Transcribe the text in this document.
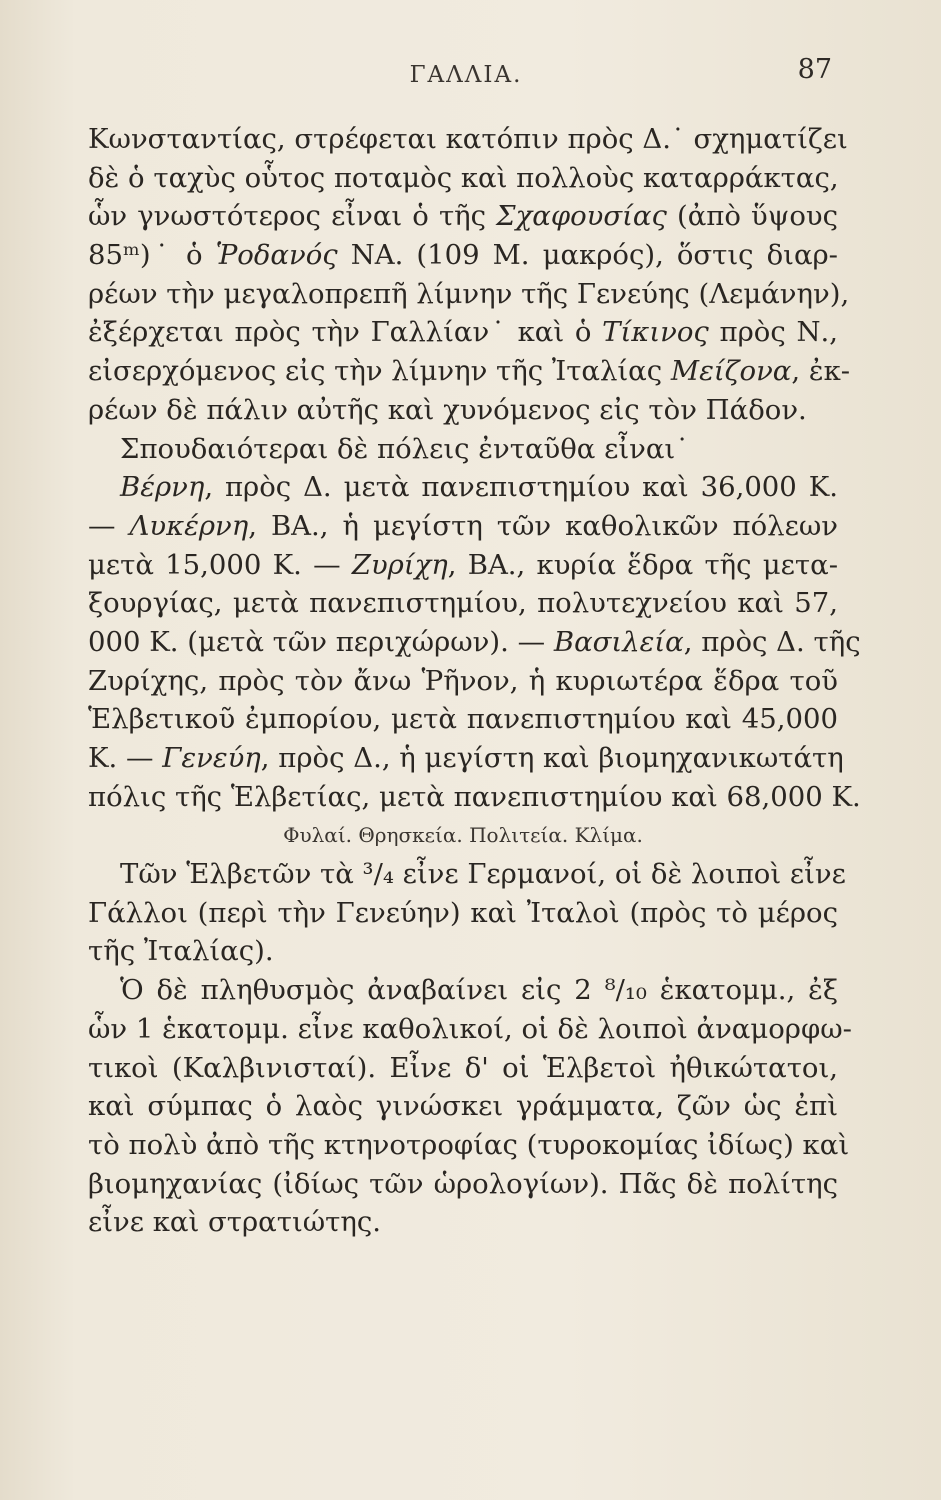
ΓΑΛΛΙΑ.	87
Κωνσταντίας, στρέφεται κατόπιν πρὸς Δ.˙ σχηματίζει
δὲ ὁ ταχὺς οὗτος ποταμὸς καὶ πολλοὺς καταρράκτας,
ὧν γνωστότερος εἶναι ὁ τῆς Σχαφουσίας (ἀπὸ ὕψους
85ᵐ)˙ ὁ Ῥοδανός ΝΑ. (109 Μ. μακρός), ὅστις διαρ-
ρέων τὴν μεγαλοπρεπῆ λίμνην τῆς Γενεύης (Λεμάνην),
ἐξέρχεται πρὸς τὴν Γαλλίαν˙ καὶ ὁ Τίκινος πρὸς Ν.,
εἰσερχόμενος εἰς τὴν λίμνην τῆς Ἰταλίας Μείζονα, ἐκ-
ρέων δὲ πάλιν αὐτῆς καὶ χυνόμενος εἰς τὸν Πάδον.
Σπουδαιότεραι δὲ πόλεις ἐνταῦθα εἶναι˙
Βέρνη, πρὸς Δ. μετὰ πανεπιστημίου καὶ 36,000 Κ.
— Λυκέρνη, ΒΑ., ἡ μεγίστη τῶν καθολικῶν πόλεων
μετὰ 15,000 Κ. — Ζυρίχη, ΒΑ., κυρία ἕδρα τῆς μετα-
ξουργίας, μετὰ πανεπιστημίου, πολυτεχνείου καὶ 57,
000 Κ. (μετὰ τῶν περιχώρων). — Βασιλεία, πρὸς Δ. τῆς
Ζυρίχης, πρὸς τὸν ἄνω Ῥῆνον, ἡ κυριωτέρα ἕδρα τοῦ
Ἑλβετικοῦ ἐμπορίου, μετὰ πανεπιστημίου καὶ 45,000
Κ. — Γενεύη, πρὸς Δ., ἡ μεγίστη καὶ βιομηχανικωτάτη
πόλις τῆς Ἑλβετίας, μετὰ πανεπιστημίου καὶ 68,000 Κ.
Φυλαί. Θρησκεία. Πολιτεία. Κλίμα.
Τῶν Ἑλβετῶν τὰ ³/₄ εἶνε Γερμανοί, οἱ δὲ λοιποὶ εἶνε
Γάλλοι (περὶ τὴν Γενεύην) καὶ Ἰταλοὶ (πρὸς τὸ μέρος
τῆς Ἰταλίας).
Ὁ δὲ πληθυσμὸς ἀναβαίνει εἰς 2 ⁸/₁₀ ἑκατομμ., ἐξ
ὧν 1 ἑκατομμ. εἶνε καθολικοί, οἱ δὲ λοιποὶ ἀναμορφω-
τικοὶ (Καλβινισταί). Εἶνε δ' οἱ Ἑλβετοὶ ἠθικώτατοι,
καὶ σύμπας ὁ λαὸς γινώσκει γράμματα, ζῶν ὡς ἐπὶ
τὸ πολὺ ἀπὸ τῆς κτηνοτροφίας (τυροκομίας ἰδίως) καὶ
βιομηχανίας (ἰδίως τῶν ὡρολογίων). Πᾶς δὲ πολίτης
εἶνε καὶ στρατιώτης.
